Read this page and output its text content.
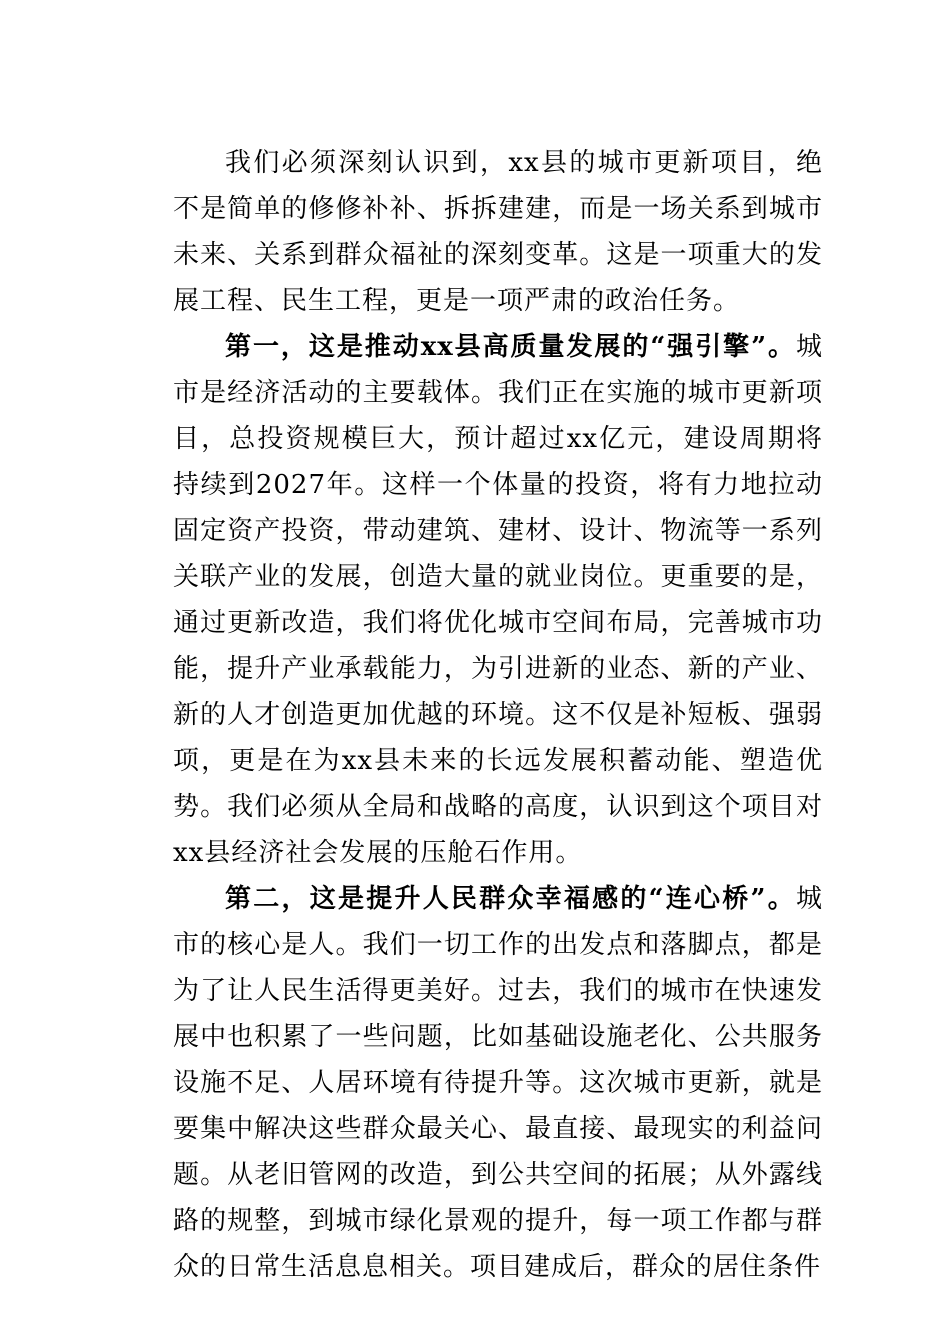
我们必须深刻认识到，xx县的城市更新项目，绝不是简单的修修补补、拆拆建建，而是一场关系到城市未来、关系到群众福祉的深刻变革。这是一项重大的发展工程、民生工程，更是一项严肃的政治任务。

第一，这是推动xx县高质量发展的“强引擎”。城市是经济活动的主要载体。我们正在实施的城市更新项目，总投资规模巨大，预计超过xx亿元，建设周期将持续到2027年。这样一个体量的投资，将有力地拉动固定资产投资，带动建筑、建材、设计、物流等一系列关联产业的发展，创造大量的就业岗位。更重要的是，通过更新改造，我们将优化城市空间布局，完善城市功能，提升产业承载能力，为引进新的业态、新的产业、新的人才创造更加优越的环境。这不仅是补短板、强弱项，更是在为xx县未来的长远发展积蓄动能、塑造优势。我们必须从全局和战略的高度，认识到这个项目对xx县经济社会发展的压舱石作用。

第二，这是提升人民群众幸福感的“连心桥”。城市的核心是人。我们一切工作的出发点和落脚点，都是为了让人民生活得更美好。过去，我们的城市在快速发展中也积累了一些问题，比如基础设施老化、公共服务设施不足、人居环境有待提升等。这次城市更新，就是要集中解决这些群众最关心、最直接、最现实的利益问题。从老旧管网的改造，到公共空间的拓展；从外露线路的规整，到城市绿化景观的提升，每一项工作都与群众的日常生活息息相关。项目建成后，群众的居住条件
